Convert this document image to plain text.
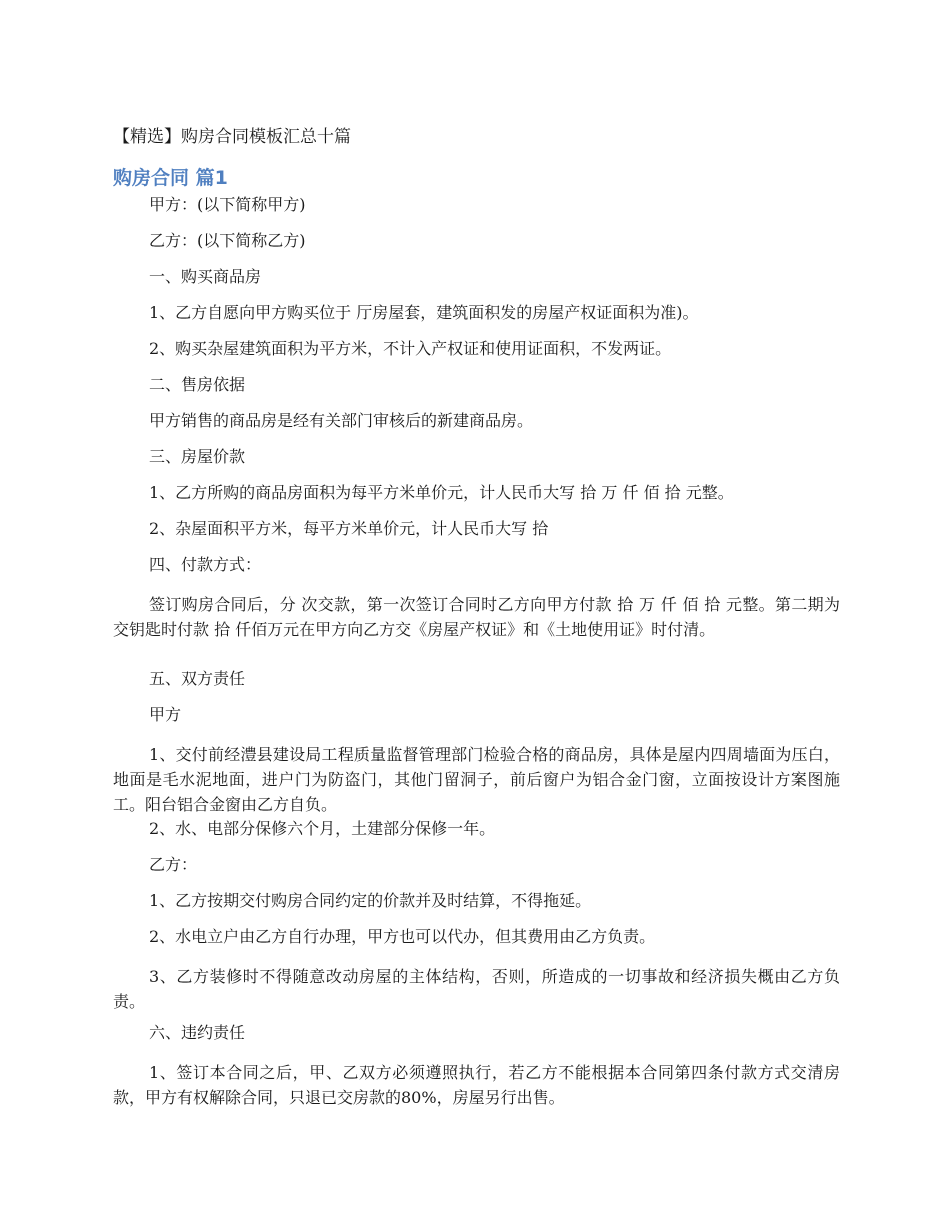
【精选】购房合同模板汇总十篇
购房合同 篇1

甲方：(以下简称甲方)

乙方：(以下简称乙方)

一、购买商品房

1、乙方自愿向甲方购买位于 厅房屋套，建筑面积发的房屋产权证面积为准)。

2、购买杂屋建筑面积为平方米，不计入产权证和使用证面积，不发两证。

二、售房依据

甲方销售的商品房是经有关部门审核后的新建商品房。

三、房屋价款

1、乙方所购的商品房面积为每平方米单价元，计人民币大写 拾 万 仟 佰 拾 元整。

2、杂屋面积平方米，每平方米单价元，计人民币大写 拾

四、付款方式：

签订购房合同后，分 次交款，第一次签订合同时乙方向甲方付款 拾 万 仟 佰 拾 元整。第二期为交钥匙时付款 拾 仟佰万元在甲方向乙方交《房屋产权证》和《土地使用证》时付清。

五、双方责任

甲方

1、交付前经澧县建设局工程质量监督管理部门检验合格的商品房，具体是屋内四周墙面为压白，地面是毛水泥地面，进户门为防盗门，其他门留洞子，前后窗户为铝合金门窗，立面按设计方案图施工。阳台铝合金窗由乙方自负。

2、水、电部分保修六个月，土建部分保修一年。

乙方：

1、乙方按期交付购房合同约定的价款并及时结算，不得拖延。

2、水电立户由乙方自行办理，甲方也可以代办，但其费用由乙方负责。

3、乙方装修时不得随意改动房屋的主体结构，否则，所造成的一切事故和经济损失概由乙方负责。

六、违约责任

1、签订本合同之后，甲、乙双方必须遵照执行，若乙方不能根据本合同第四条付款方式交清房款，甲方有权解除合同，只退已交房款的80%，房屋另行出售。
